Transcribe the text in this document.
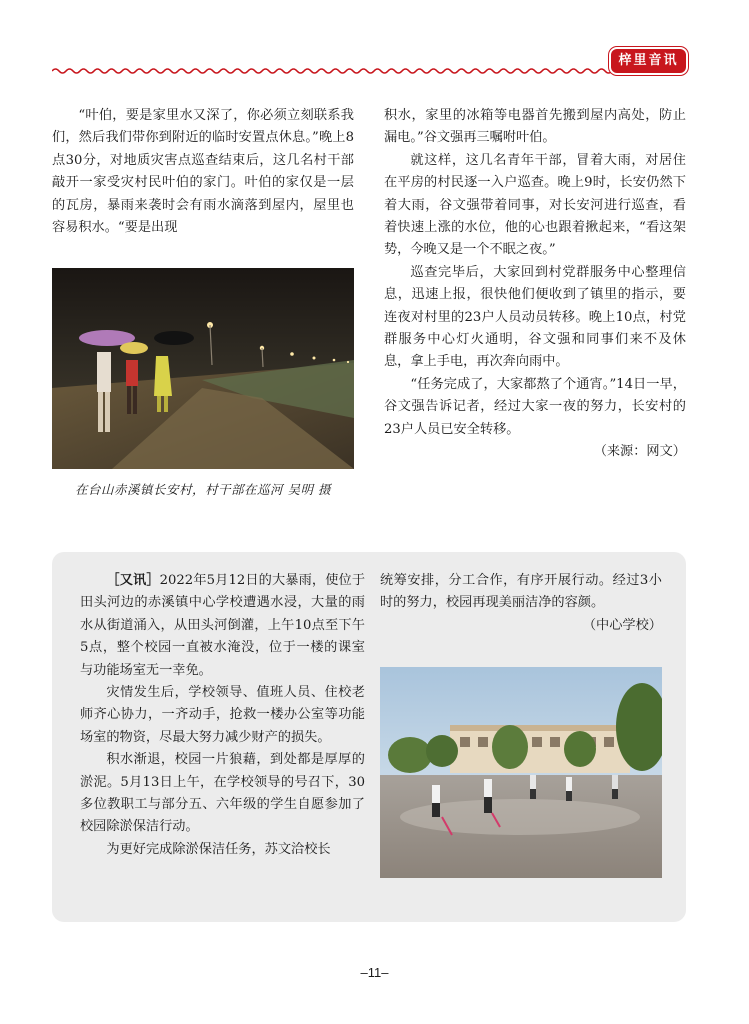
梓里音讯

“叶伯，要是家里水又深了，你必须立刻联系我们，然后我们带你到附近的临时安置点休息。”晚上8点30分，对地质灾害点巡查结束后，这几名村干部敲开一家受灾村民叶伯的家门。叶伯的家仅是一层的瓦房，暴雨来袭时会有雨水滴落到屋内，屋里也容易积水。“要是出现

在台山赤溪镇长安村，村干部在巡河 吴明 摄

积水，家里的冰箱等电器首先搬到屋内高处，防止漏电。”谷文强再三嘱咐叶伯。

就这样，这几名青年干部，冒着大雨，对居住在平房的村民逐一入户巡查。晚上9时，长安仍然下着大雨，谷文强带着同事，对长安河进行巡查，看着快速上涨的水位，他的心也跟着揪起来，“看这架势，今晚又是一个不眠之夜。”

巡查完毕后，大家回到村党群服务中心整理信息，迅速上报，很快他们便收到了镇里的指示，要连夜对村里的23户人员动员转移。晚上10点，村党群服务中心灯火通明，谷文强和同事们来不及休息，拿上手电，再次奔向雨中。

“任务完成了，大家都熬了个通宵。”14日一早，谷文强告诉记者，经过大家一夜的努力，长安村的23户人员已安全转移。

（来源：网文）

［又讯］2022年5月12日的大暴雨，使位于田头河边的赤溪镇中心学校遭遇水浸，大量的雨水从街道涌入，从田头河倒灌，上午10点至下午5点，整个校园一直被水淹没，位于一楼的课室与功能场室无一幸免。

灾情发生后，学校领导、值班人员、住校老师齐心协力，一齐动手，抢救一楼办公室等功能场室的物资，尽最大努力减少财产的损失。

积水渐退，校园一片狼藉，到处都是厚厚的淤泥。5月13日上午，在学校领导的号召下，30多位教职工与部分五、六年级的学生自愿参加了校园除淤保洁行动。

为更好完成除淤保洁任务，苏文洽校长

统筹安排，分工合作，有序开展行动。经过3小时的努力，校园再现美丽洁净的容颜。

（中心学校）

–11–
